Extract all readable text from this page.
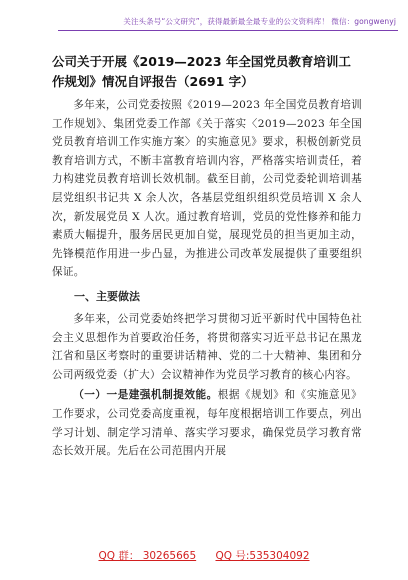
关注头条号“公文研究”，获得最新最全最专业的公文资料库！ 微信：gongwenyj

公司关于开展《2019—2023 年全国党员教育培训工作规划》情况自评报告（2691 字）

多年来，公司党委按照《2019—2023 年全国党员教育培训工作规划》、集团党委工作部《关于落实〈2019—2023 年全国党员教育培训工作实施方案〉的实施意见》要求，积极创新党员教育培训方式，不断丰富教育培训内容，严格落实培训责任，着力构建党员教育培训长效机制。截至目前，公司党委轮训培训基层党组织书记共 X 余人次，各基层党组织组织党员培训 X 余人次，新发展党员 X 人次。通过教育培训，党员的党性修养和能力素质大幅提升，服务居民更加自觉，展现党员的担当更加主动，先锋模范作用进一步凸显，为推进公司改革发展提供了重要组织保证。

一、主要做法

多年来，公司党委始终把学习贯彻习近平新时代中国特色社会主义思想作为首要政治任务，将贯彻落实习近平总书记在黑龙江省和垦区考察时的重要讲话精神、党的二十大精神、集团和分公司两级党委（扩大）会议精神作为党员学习教育的核心内容。

（一）一是建强机制提效能。根据《规划》和《实施意见》工作要求，公司党委高度重视，每年度根据培训工作要点，列出学习计划、制定学习清单、落实学习要求，确保党员学习教育常态长效开展。先后在公司范围内开展

QQ 群： 30265665 QQ 号:535304092
